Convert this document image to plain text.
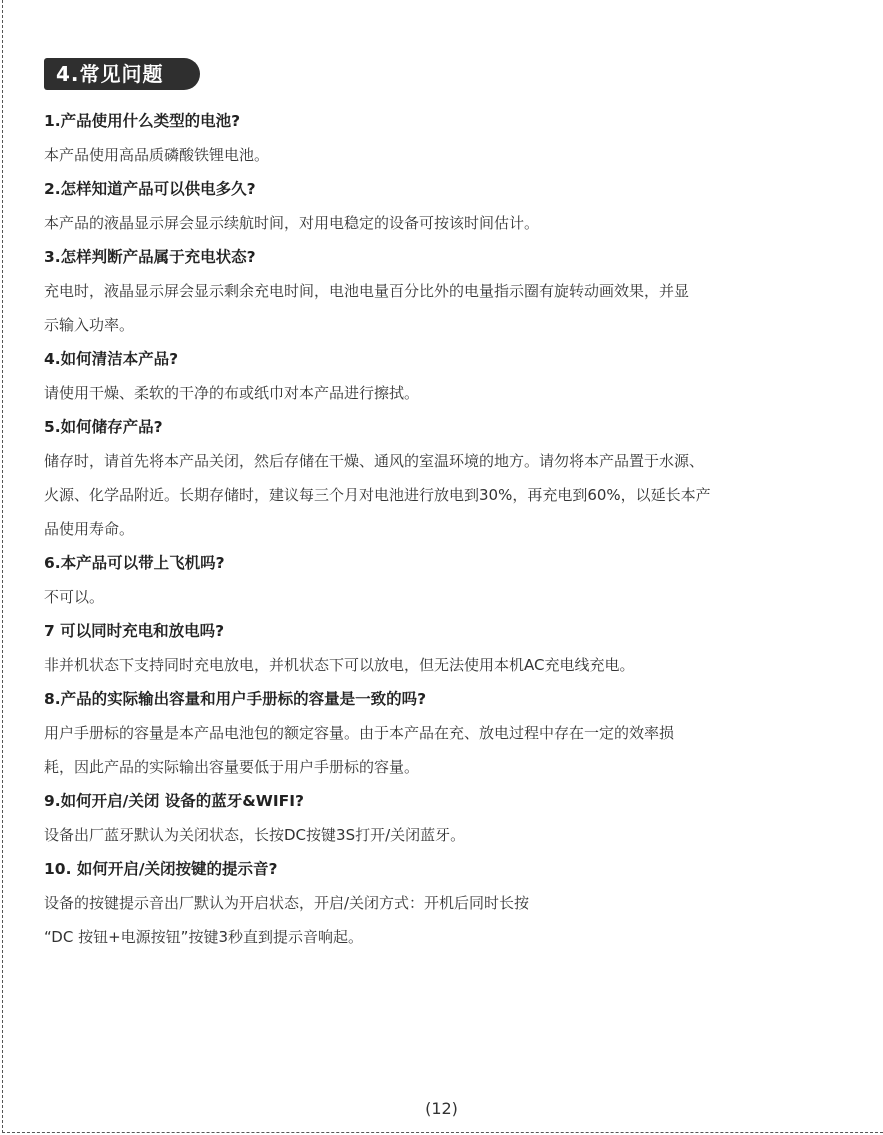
4.常见问题
1.产品使用什么类型的电池?
本产品使用高品质磷酸铁锂电池。
2.怎样知道产品可以供电多久?
本产品的液晶显示屏会显示续航时间，对用电稳定的设备可按该时间估计。
3.怎样判断产品属于充电状态?
充电时，液晶显示屏会显示剩余充电时间，电池电量百分比外的电量指示圈有旋转动画效果，并显
示输入功率。
4.如何清洁本产品?
请使用干燥、柔软的干净的布或纸巾对本产品进行擦拭。
5.如何储存产品?
储存时，请首先将本产品关闭，然后存储在干燥、通风的室温环境的地方。请勿将本产品置于水源、
火源、化学品附近。长期存储时，建议每三个月对电池进行放电到30%，再充电到60%，以延长本产
品使用寿命。
6.本产品可以带上飞机吗?
不可以。
7 可以同时充电和放电吗?
非并机状态下支持同时充电放电，并机状态下可以放电，但无法使用本机AC充电线充电。
8.产品的实际输出容量和用户手册标的容量是一致的吗?
用户手册标的容量是本产品电池包的额定容量。由于本产品在充、放电过程中存在一定的效率损
耗，因此产品的实际输出容量要低于用户手册标的容量。
9.如何开启/关闭 设备的蓝牙&WIFI?
设备出厂蓝牙默认为关闭状态，长按DC按键3S打开/关闭蓝牙。
10. 如何开启/关闭按键的提示音?
设备的按键提示音出厂默认为开启状态，开启/关闭方式：开机后同时长按
“DC 按钮+电源按钮”按键3秒直到提示音响起。
(12)
